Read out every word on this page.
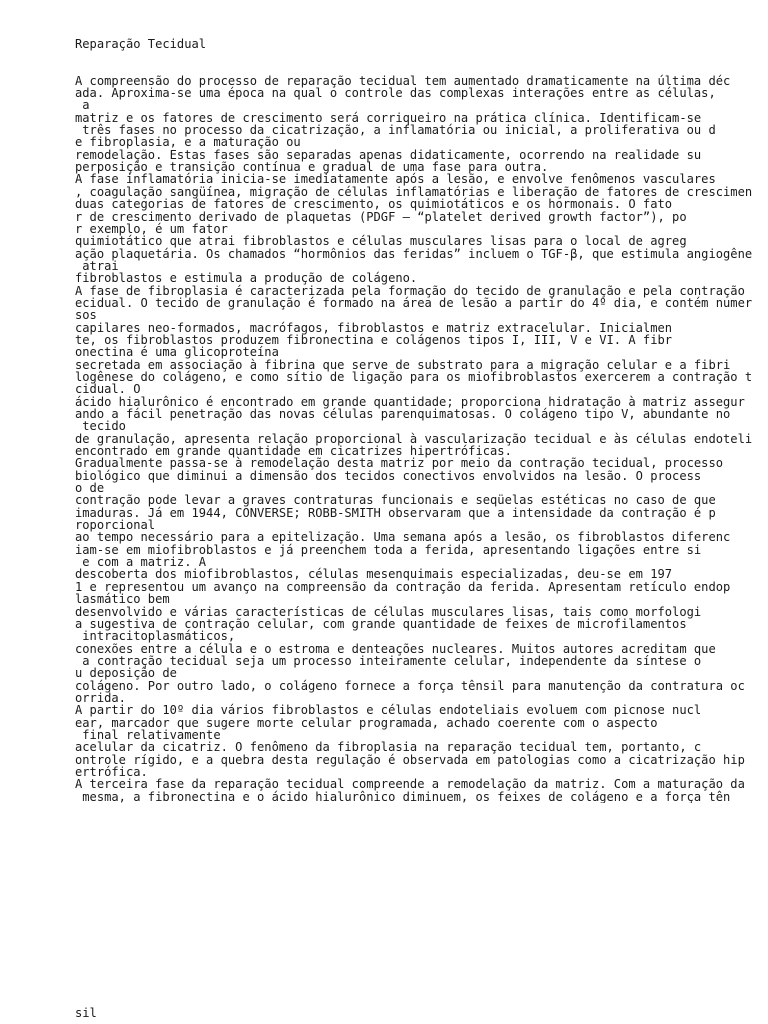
Reparação Tecidual

A compreensão do processo de reparação tecidual tem aumentado dramaticamente na última déc
ada. Aproxima-se uma época na qual o controle das complexas interações entre as células,
a
matriz e os fatores de crescimento será corriqueiro na prática clínica. Identificam-se
três fases no processo da cicatrização, a inflamatória ou inicial, a proliferativa ou d
e fibroplasia, e a maturação ou
remodelação. Estas fases são separadas apenas didaticamente, ocorrendo na realidade su
perposição e transição contínua e gradual de uma fase para outra.
A fase inflamatória inicia-se imediatamente após a lesão, e envolve fenômenos vasculares
, coagulação sangüínea, migração de células inflamatórias e liberação de fatores de crescimen
duas categorias de fatores de crescimento, os quimiotáticos e os hormonais. O fato
r de crescimento derivado de plaquetas (PDGF – “platelet derived growth factor”), po
r exemplo, é um fator
quimiotático que atrai fibroblastos e células musculares lisas para o local de agreg
ação plaquetária. Os chamados “hormônios das feridas” incluem o TGF-β, que estimula angiogêne
atrai
fibroblastos e estimula a produção de colágeno.
A fase de fibroplasia é caracterizada pela formação do tecido de granulação e pela contração
ecidual. O tecido de granulação é formado na área de lesão a partir do 4º dia, e contém numer
sos
capilares neo-formados, macrófagos, fibroblastos e matriz extracelular. Inicialmen
te, os fibroblastos produzem fibronectina e colágenos tipos I, III, V e VI. A fibr
onectina é uma glicoproteína
secretada em associação à fibrina que serve de substrato para a migração celular e a fibri
logênese do colágeno, e como sítio de ligação para os miofibroblastos exercerem a contração t
cidual. O
ácido hialurônico é encontrado em grande quantidade; proporciona hidratação à matriz assegur
ando a fácil penetração das novas células parenquimatosas. O colágeno tipo V, abundante no
tecido
de granulação, apresenta relação proporcional à vascularização tecidual e às células endoteli
encontrado em grande quantidade em cicatrizes hipertróficas.
Gradualmente passa-se à remodelação desta matriz por meio da contração tecidual, processo
biológico que diminui a dimensão dos tecidos conectivos envolvidos na lesão. O process
o de
contração pode levar a graves contraturas funcionais e seqüelas estéticas no caso de que
imaduras. Já em 1944, CONVERSE; ROBB-SMITH observaram que a intensidade da contração é p
roporcional
ao tempo necessário para a epitelização. Uma semana após a lesão, os fibroblastos diferenc
iam-se em miofibroblastos e já preenchem toda a ferida, apresentando ligações entre si
e com a matriz. A
descoberta dos miofibroblastos, células mesenquimais especializadas, deu-se em 197
1 e representou um avanço na compreensão da contração da ferida. Apresentam retículo endop
lasmático bem
desenvolvido e várias características de células musculares lisas, tais como morfologi
a sugestiva de contração celular, com grande quantidade de feixes de microfilamentos
intracitoplasmáticos,
conexões entre a célula e o estroma e denteações nucleares. Muitos autores acreditam que
a contração tecidual seja um processo inteiramente celular, independente da síntese o
u deposição de
colágeno. Por outro lado, o colágeno fornece a força tênsil para manutenção da contratura oc
orrida.
A partir do 10º dia vários fibroblastos e células endoteliais evoluem com picnose nucl
ear, marcador que sugere morte celular programada, achado coerente com o aspecto
final relativamente
acelular da cicatriz. O fenômeno da fibroplasia na reparação tecidual tem, portanto, c
ontrole rígido, e a quebra desta regulação é observada em patologias como a cicatrização hip
ertrófica.
A terceira fase da reparação tecidual compreende a remodelação da matriz. Com a maturação da
mesma, a fibronectina e o ácido hialurônico diminuem, os feixes de colágeno e a força tên
sil
